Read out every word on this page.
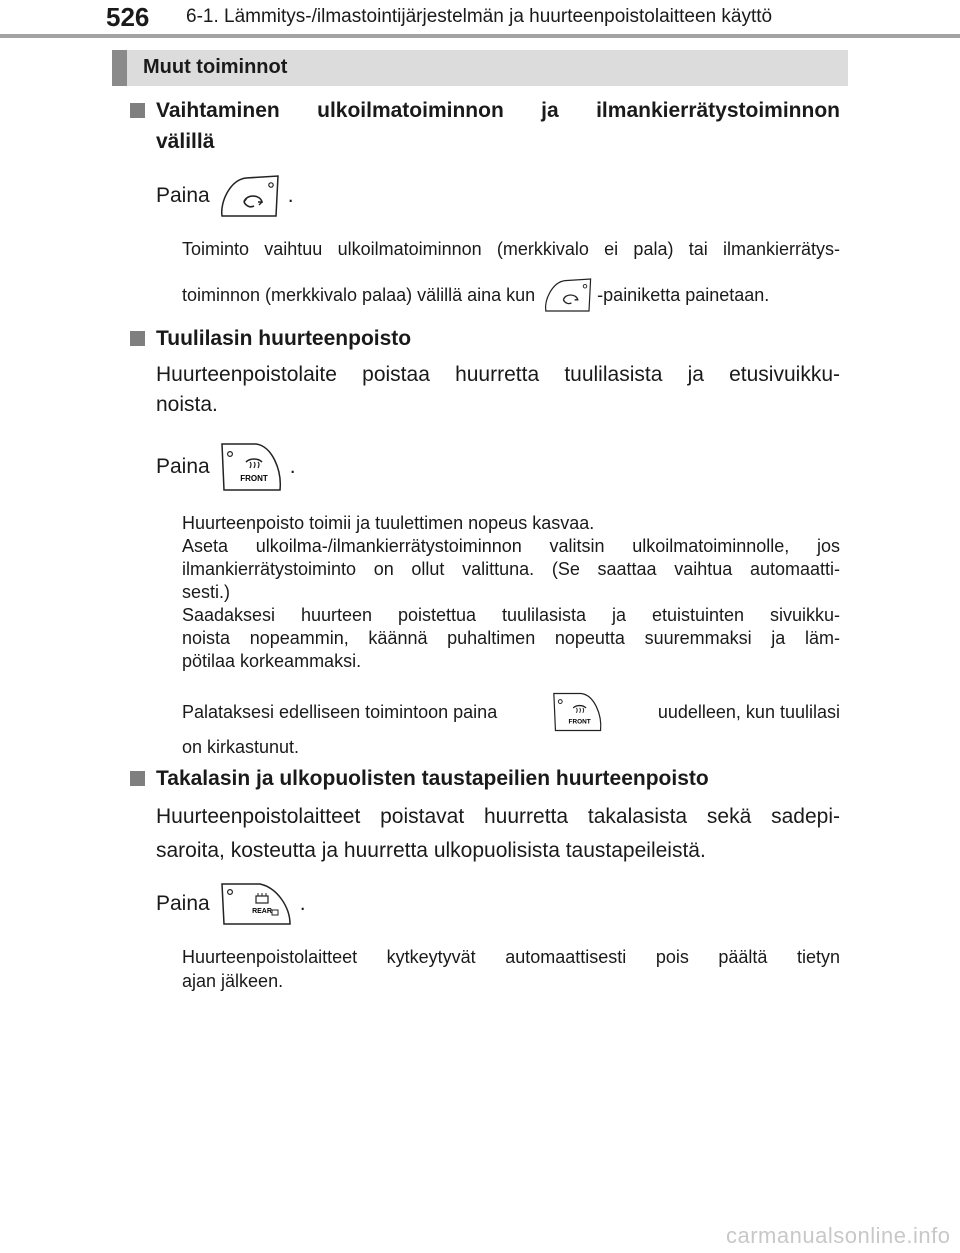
526 6-1. Lämmitys-/ilmastointijärjestelmän ja huurteenpoistolaitteen käyttö
Muut toiminnot
Vaihtaminen ulkoilmatoiminnon ja ilmankierrätystoiminnon
välillä
Paina	.
Toiminto vaihtuu ulkoilmatoiminnon (merkkivalo ei pala) tai ilmankierrätys-
toiminnon (merkkivalo palaa) välillä aina kun	-painiketta painetaan.
Tuulilasin huurteenpoisto
Huurteenpoistolaite poistaa huurretta tuulilasista ja etusivuikku-
noista.
Paina
FRONT
.
Huurteenpoisto toimii ja tuulettimen nopeus kasvaa.
Aseta ulkoilma-/ilmankierrätystoiminnon valitsin ulkoilmatoiminnolle, jos
ilmankierrätystoiminto on ollut valittuna. (Se saattaa vaihtua automaatti-
sesti.)
Saadaksesi huurteen poistettua tuulilasista ja etuistuinten sivuikku-
noista nopeammin, käännä puhaltimen nopeutta suuremmaksi ja läm-
pötilaa korkeammaksi.
Palataksesi edelliseen toimintoon paina
FRONT
uudelleen, kun tuulilasi
on kirkastunut.
Takalasin ja ulkopuolisten taustapeilien huurteenpoisto
Huurteenpoistolaitteet poistavat huurretta takalasista sekä sadepi-
saroita, kosteutta ja huurretta ulkopuolisista taustapeileistä.
Paina	REAR .
Huurteenpoistolaitteet kytkeytyvät automaattisesti pois päältä tietyn
ajan jälkeen.
carmanualsonline.info
